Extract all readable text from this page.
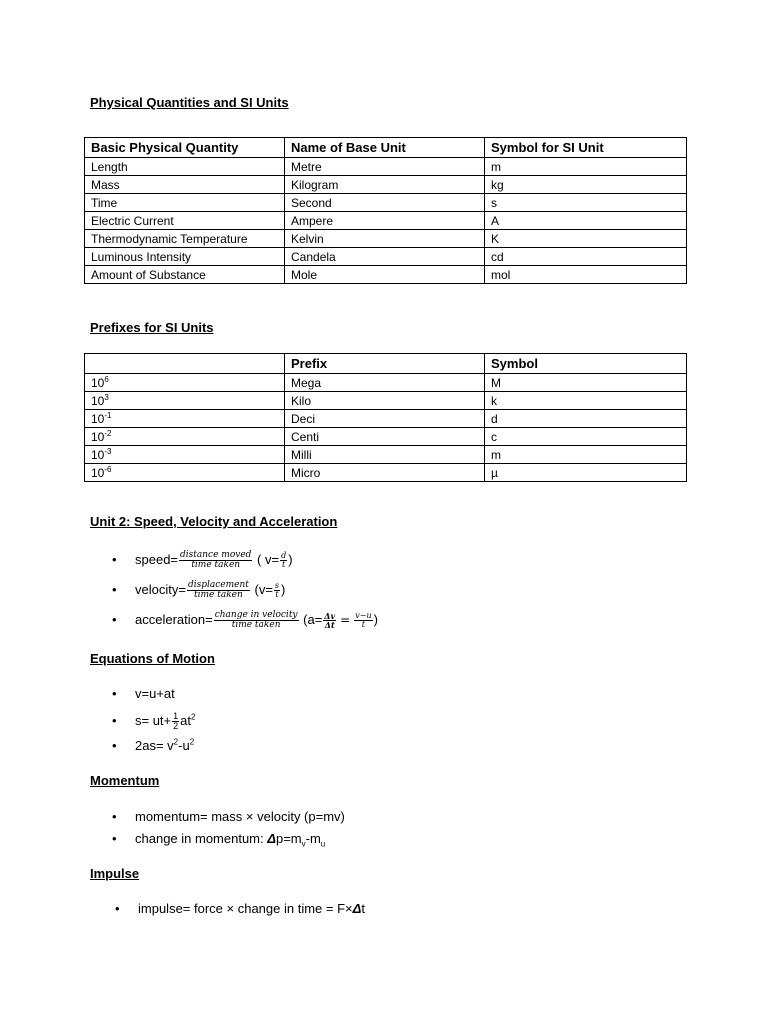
Physical Quantities and SI Units
Basic Physical Quantity	Name of Base Unit	Symbol for SI Unit
Length	Metre	m
Mass	Kilogram	kg
Time	Second	s
Electric Current	Ampere	A
Thermodynamic Temperature	Kelvin	K
Luminous Intensity	Candela	cd
Amount of Substance	Mole	mol
Prefixes for SI Units
	Prefix	Symbol
$10^6$	Mega	M
$10^3$	Kilo	k
$10^{-1}$	Deci	d
$10^{-2}$	Centi	c
$10^{-3}$	Milli	m
$10^{-6}$	Micro	µ
Unit 2: Speed, Velocity and Acceleration
• speed= $\frac{\text{distance moved}}{\text{time taken}}$ ( $v= \frac{d}{t}$ )
• velocity= $\frac{\text{displacement}}{\text{time taken}} (v= \frac{s}{t}$ )
• acceleration= $\frac{\text{change in velocity}}{\text{time taken}} (a= \frac{\Delta v}{\Delta t} = \frac{v-u}{t}$ )
Equations of Motion
• v=u+at
• $s= ut+ \frac{1}{2} at^2$
• $2as= v^2-u^2$
Momentum
• momentum= mass × velocity (p=mv)
• change in momentum: $\Delta p=m_v-m_u$
Impulse
• impulse= force × change in time = F×Δt
